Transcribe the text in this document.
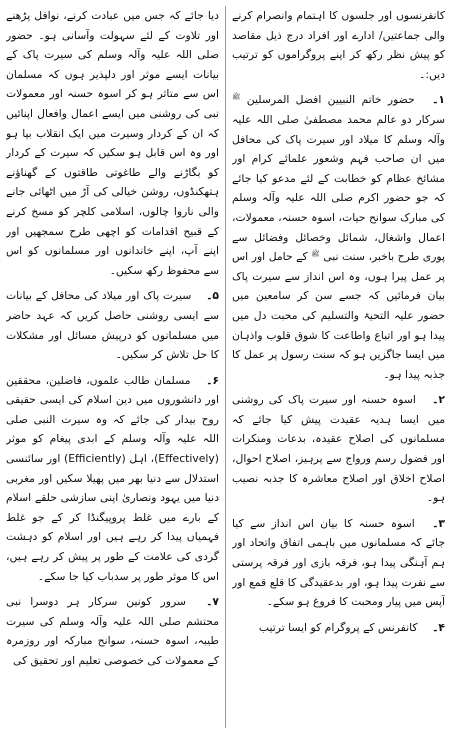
کانفرنسوں اور جلسوں کا اہتمام وانصرام کرنے والی جماعتیں/ ادارے اور افراد درج ذیل مقاصد کو پیش نظر رکھ کر اپنے پروگراموں کو ترتیب دیں:۔

۱۔ حضور خاتم النبیین افضل المرسلین ﷺ سرکار دو عالم محمد مصطفیٰ صلی اللہ علیہ وآلہ وسلم کا میلاد اور سیرت پاک کی محافل میں ان صاحب فہم وشعور علمائے کرام اور مشائخ عظام کو خطابت کے لئے مدعو کیا جائے کہ جو حضور اکرم صلی اللہ علیہ وآلہ وسلم کی مبارک سوانح حیات، اسوہ حسنہ، معمولات، اعمال واشغال، شمائل وخصائل وفضائل سے پوری طرح باخبر، سنت نبی ﷺ کے حامل اور اس پر عمل پیرا ہوں، وہ اس انداز سے سیرت پاک بیان فرمائیں کہ جسے سن کر سامعین میں حضور علیہ التحیۃ والتسلیم کی محبت دل میں پیدا ہو اور اتباع واطاعت کا شوق قلوب واذہان میں ایسا جاگزیں ہو کہ سنت رسول پر عمل کا جذبہ پیدا ہو۔

۲۔ اسوہ حسنہ اور سیرت پاک کی روشنی میں ایسا ہدیہ عقیدت پیش کیا جائے کہ مسلمانوں کی اصلاح عقیدہ، بدعات ومنکرات اور فضول رسم ورواج سے پرہیز، اصلاح احوال، اصلاح اخلاق اور اصلاح معاشرہ کا جذبہ نصیب ہو۔

۳۔ اسوہ حسنہ کا بیان اس انداز سے کیا جائے کہ مسلمانوں میں باہمی اتفاق واتحاد اور ہم آہنگی پیدا ہو، فرقہ بازی اور فرقہ پرستی سے نفرت پیدا ہو، اور بدعقیدگی کا قلع قمع اور آپس میں پیار ومحبت کا فروغ ہو سکے۔

۴۔ کانفرنس کے پروگرام کو ایسا ترتیب

دیا جائے کہ جس میں عبادت کرنے، نوافل پڑھنے اور تلاوت کے لئے سہولت وآسانی ہو۔ حضور صلی اللہ علیہ وآلہ وسلم کی سیرت پاک کے بیانات ایسے موثر اور دلپذیر ہوں کہ مسلمان اس سے متاثر ہو کر اسوہ حسنہ اور معمولات نبی کی روشنی میں ایسے اعمال وافعال اپنائیں کہ ان کے کردار وسیرت میں ایک انقلاب بپا ہو اور وہ اس قابل ہو سکیں کہ سیرت کے کردار کو بگاڑنے والے طاغوتی طاقتوں کے گھناؤنے ہتھکنڈوں، روشن خیالی کی آڑ میں اٹھائی جانے والی ناروا چالوں، اسلامی کلچر کو مسخ کرنے کے قبیح اقدامات کو اچھی طرح سمجھیں اور اپنے آپ، اپنے خاندانوں اور مسلمانوں کو اس سے محفوظ رکھ سکیں۔

۵۔ سیرت پاک اور میلاد کی محافل کے بیانات سے ایسی روشنی حاصل کریں کہ عہد حاضر میں مسلمانوں کو درپیش مسائل اور مشکلات کا حل تلاش کر سکیں۔

۶۔ مسلمان طالب علموں، فاضلین، محققین اور دانشوروں میں دین اسلام کی ایسی حقیقی روح بیدار کی جائے کہ وہ سیرت النبی صلی اللہ علیہ وآلہ وسلم کے ابدی پیغام کو موثر (Effectively)، اہل (Efficiently) اور سائنسی استدلال سے دنیا بھر میں پھیلا سکیں اور مغربی دنیا میں یہود ونصاریٰ اپنی سازشی حلقے اسلام کے بارے میں غلط پروپیگنڈا کر کے جو غلط فہمیاں پیدا کر رہے ہیں اور اسلام کو دہشت گردی کی علامت کے طور پر پیش کر رہے ہیں، اس کا موثر طور پر سدباب کیا جا سکے۔

۷۔ سرور کونین سرکار ہر دوسرا نبی محتشم صلی اللہ علیہ وآلہ وسلم کی سیرت طیبہ، اسوہ حسنہ، سوانح مبارکہ اور روزمرہ کے معمولات کی خصوصی تعلیم اور تحقیق کی
